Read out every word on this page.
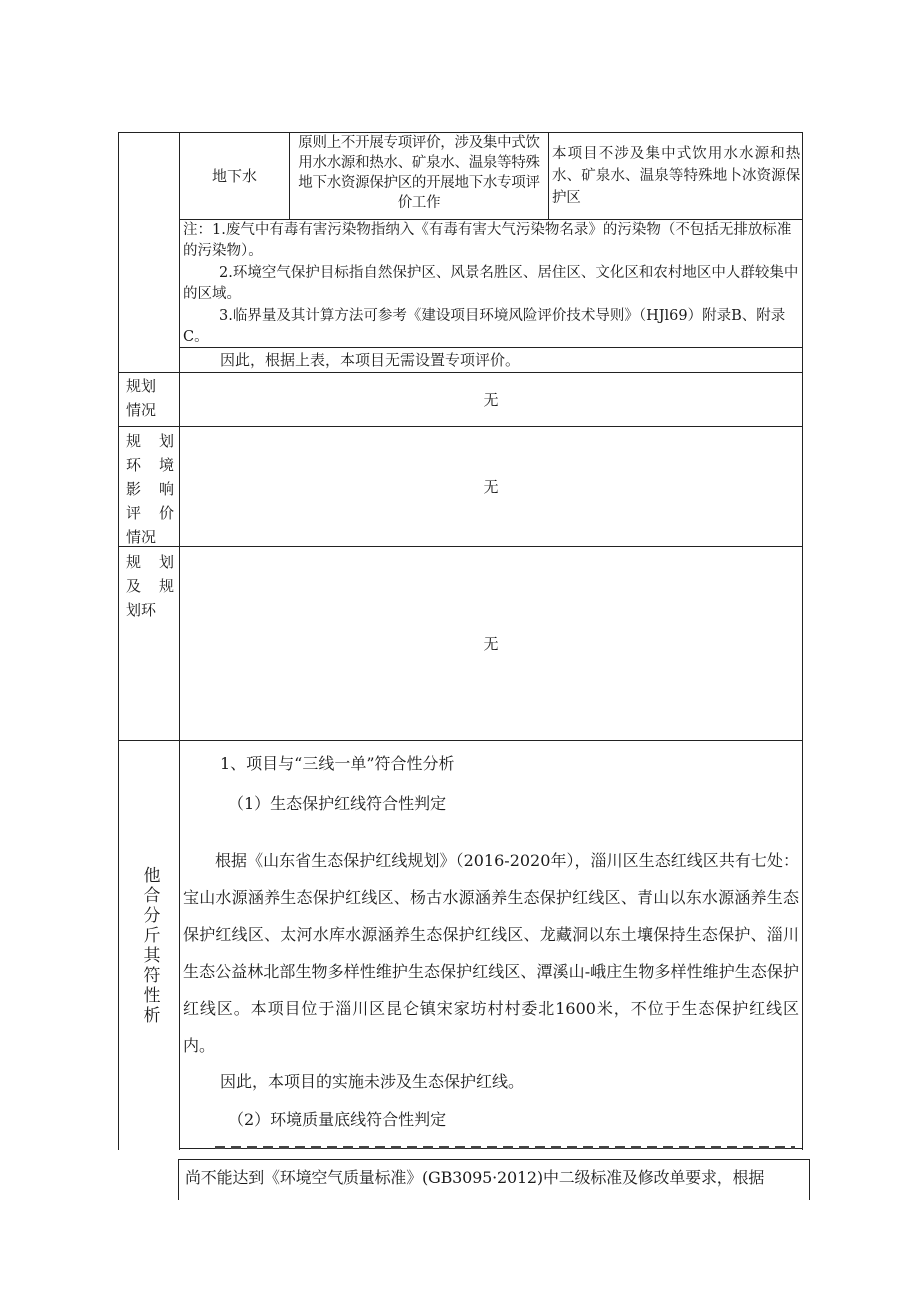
地下水
原则上不开展专项评价，涉及集中式饮用水水源和热水、矿泉水、温泉等特殊地下水资源保护区的开展地下水专项评价工作
本项目不涉及集中式饮用水水源和热水、矿泉水、温泉等特殊地卜冰资源保护区
注：1.废气中有毒有害污染物指纳入《有毒有害大气污染物名录》的污染物（不包括无排放标准的污染物）。
2.环境空气保护目标指自然保护区、风景名胜区、居住区、文化区和农村地区中人群较集中的区域。
3.临界量及其计算方法可参考《建设项目环境风险评价技术导则》（HJl69）附录B、附录C。
因此，根据上表，本项目无需设置专项评价。
规划
情况
无
规 划
环 境
影 响
评 价
情况
无
规 划
及 规
划环
无
他
合
分
斤
其
符
性
析
1、项目与“三线一单”符合性分析
（1）生态保护红线符合性判定
根据《山东省生态保护红线规划》（2016-2020年），淄川区生态红线区共有七处：宝山水源涵养生态保护红线区、杨古水源涵养生态保护红线区、青山以东水源涵养生态保护红线区、太河水库水源涵养生态保护红线区、龙藏洞以东土壤保持生态保护、淄川生态公益林北部生物多样性维护生态保护红线区、潭溪山-峨庄生物多样性维护生态保护红线区。本项目位于淄川区昆仑镇宋家坊村村委北1600米，不位于生态保护红线区内。
因此，本项目的实施未涉及生态保护红线。
（2）环境质量底线符合性判定
尚不能达到《环境空气质量标准》(GB3095·2012)中二级标准及修改单要求，根据
